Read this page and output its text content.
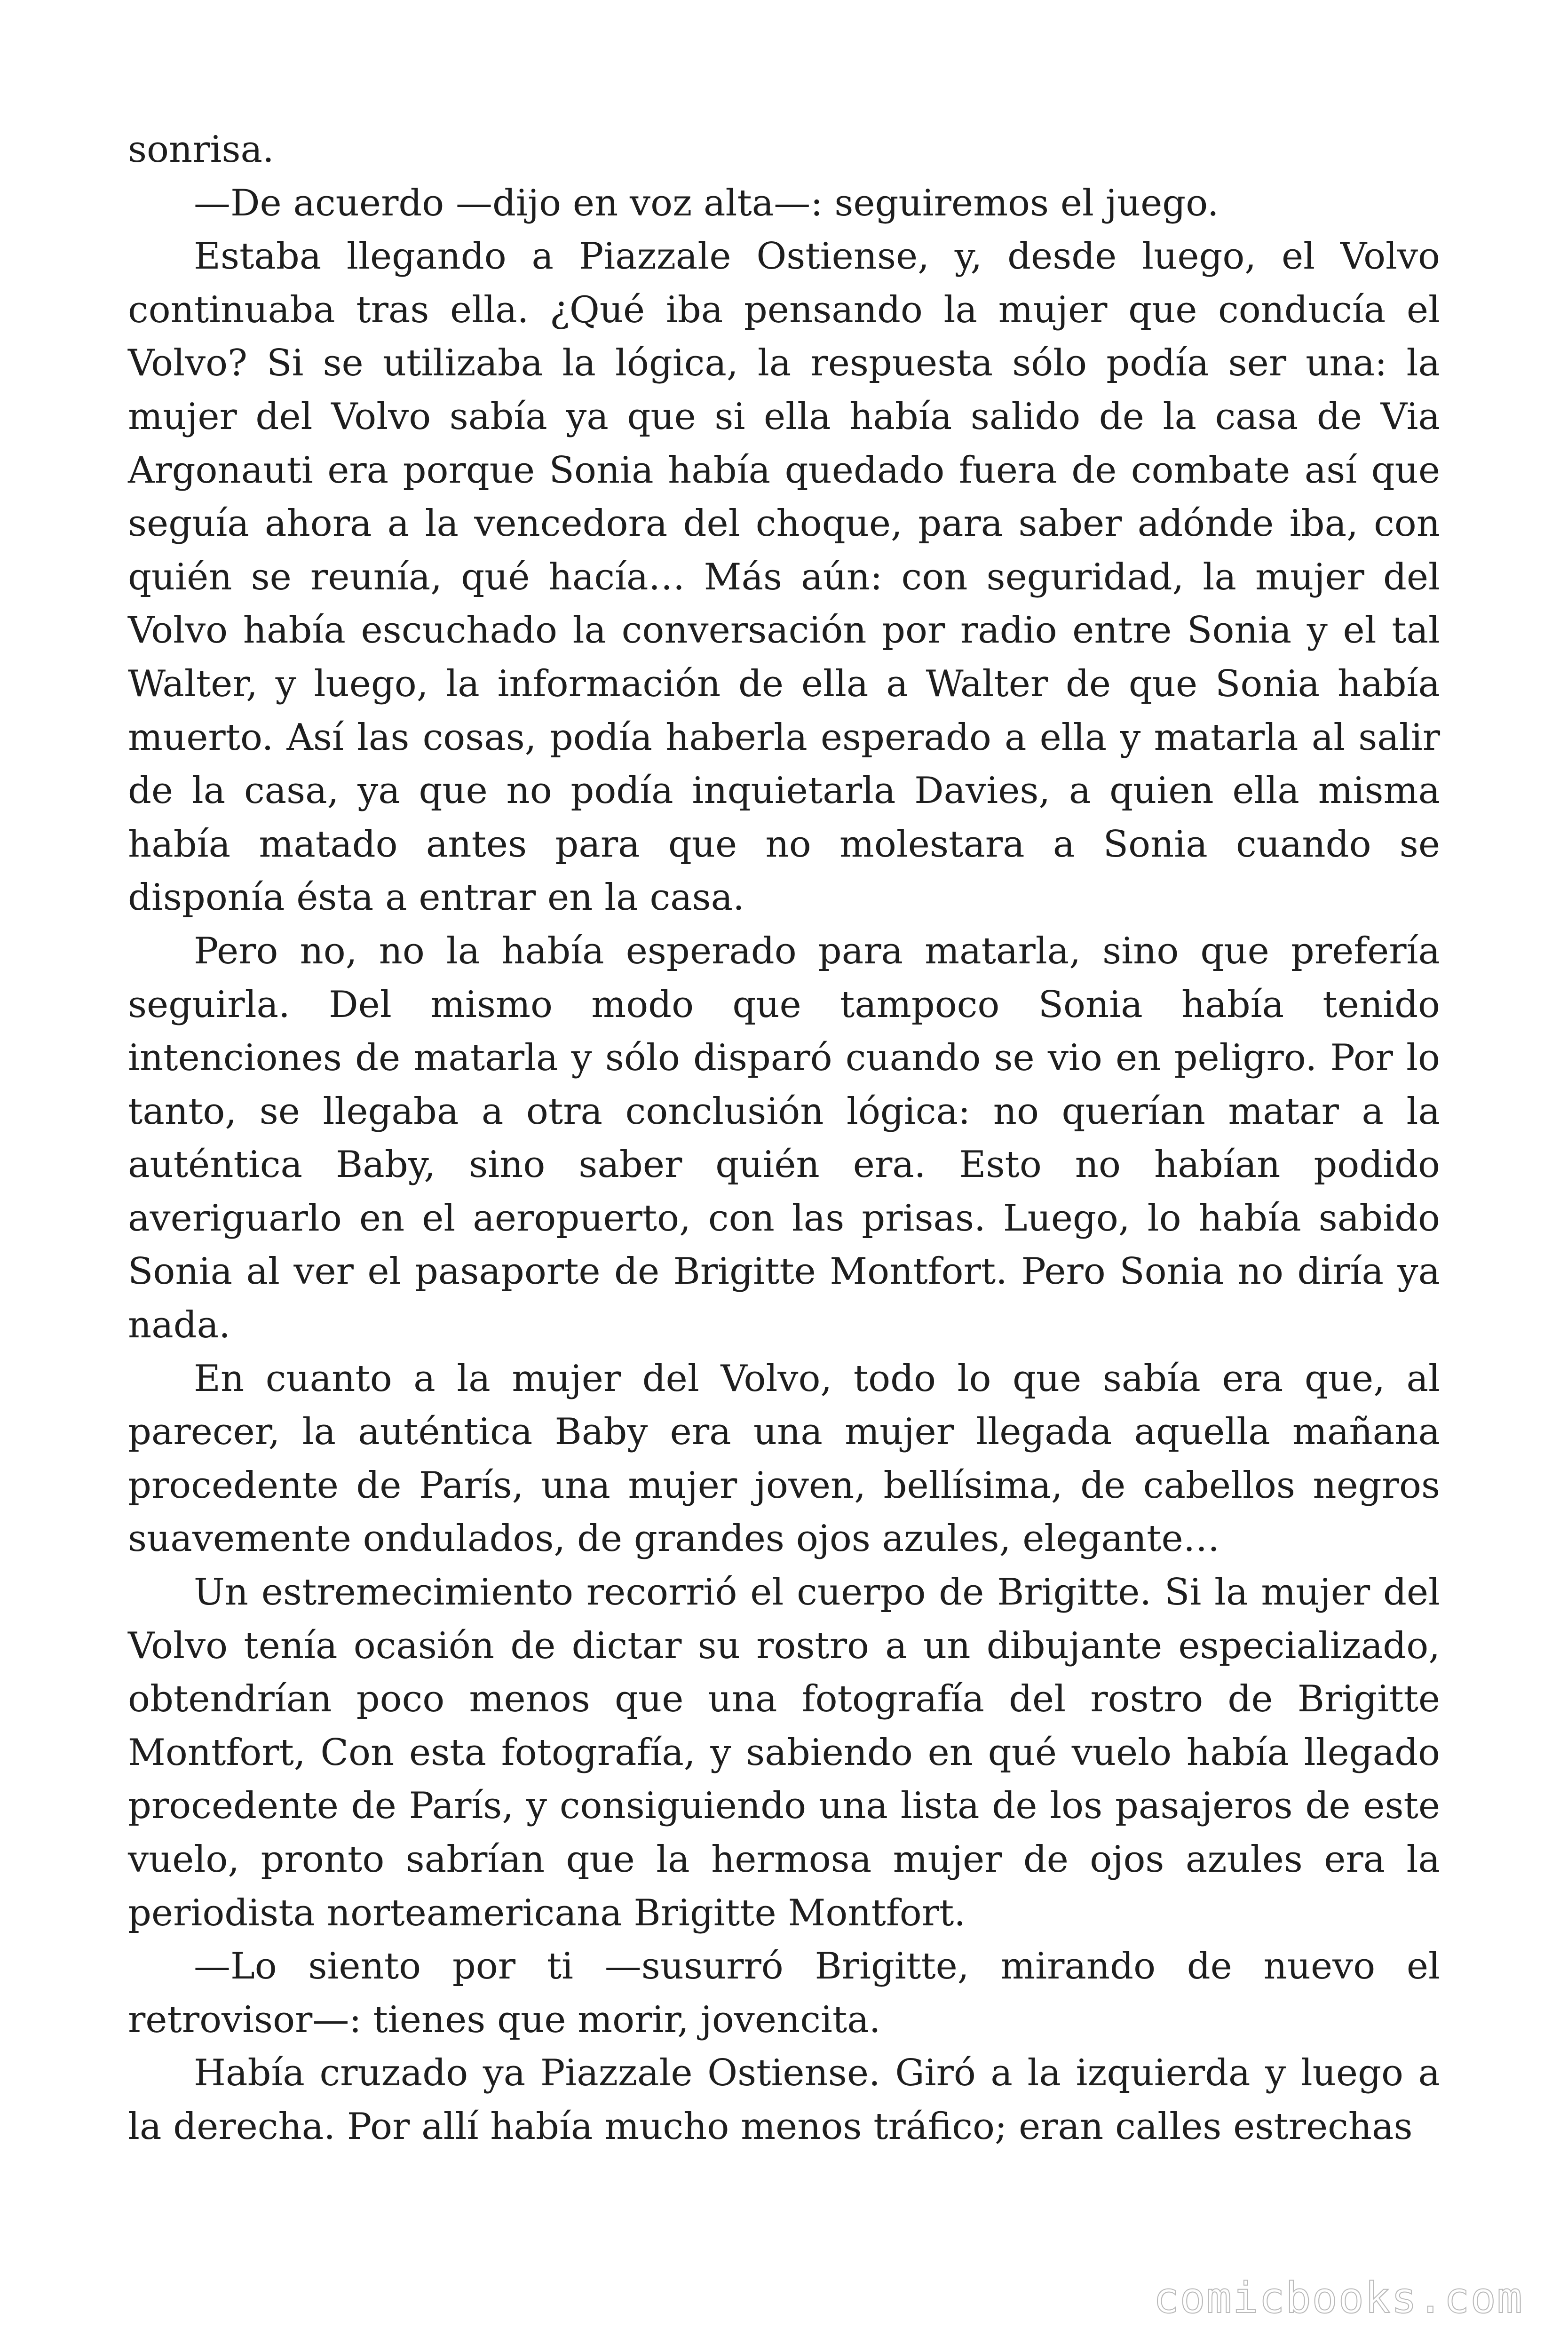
sonrisa.

—De acuerdo —dijo en voz alta—: seguiremos el juego.

Estaba llegando a Piazzale Ostiense, y, desde luego, el Volvo continuaba tras ella. ¿Qué iba pensando la mujer que conducía el Volvo? Si se utilizaba la lógica, la respuesta sólo podía ser una: la mujer del Volvo sabía ya que si ella había salido de la casa de Via Argonauti era porque Sonia había quedado fuera de combate así que seguía ahora a la vencedora del choque, para saber adónde iba, con quién se reunía, qué hacía… Más aún: con seguridad, la mujer del Volvo había escuchado la conversación por radio entre Sonia y el tal Walter, y luego, la información de ella a Walter de que Sonia había muerto. Así las cosas, podía haberla esperado a ella y matarla al salir de la casa, ya que no podía inquietarla Davies, a quien ella misma había matado antes para que no molestara a Sonia cuando se disponía ésta a entrar en la casa.

Pero no, no la había esperado para matarla, sino que prefería seguirla. Del mismo modo que tampoco Sonia había tenido intenciones de matarla y sólo disparó cuando se vio en peligro. Por lo tanto, se llegaba a otra conclusión lógica: no querían matar a la auténtica Baby, sino saber quién era. Esto no habían podido averiguarlo en el aeropuerto, con las prisas. Luego, lo había sabido Sonia al ver el pasaporte de Brigitte Montfort. Pero Sonia no diría ya nada.

En cuanto a la mujer del Volvo, todo lo que sabía era que, al parecer, la auténtica Baby era una mujer llegada aquella mañana procedente de París, una mujer joven, bellísima, de cabellos negros suavemente ondulados, de grandes ojos azules, elegante…

Un estremecimiento recorrió el cuerpo de Brigitte. Si la mujer del Volvo tenía ocasión de dictar su rostro a un dibujante especializado, obtendrían poco menos que una fotografía del rostro de Brigitte Montfort, Con esta fotografía, y sabiendo en qué vuelo había llegado procedente de París, y consiguiendo una lista de los pasajeros de este vuelo, pronto sabrían que la hermosa mujer de ojos azules era la periodista norteamericana Brigitte Montfort.

—Lo siento por ti —susurró Brigitte, mirando de nuevo el retrovisor—: tienes que morir, jovencita.

Había cruzado ya Piazzale Ostiense. Giró a la izquierda y luego a la derecha. Por allí había mucho menos tráfico; eran calles estrechas

comicbooks.com
